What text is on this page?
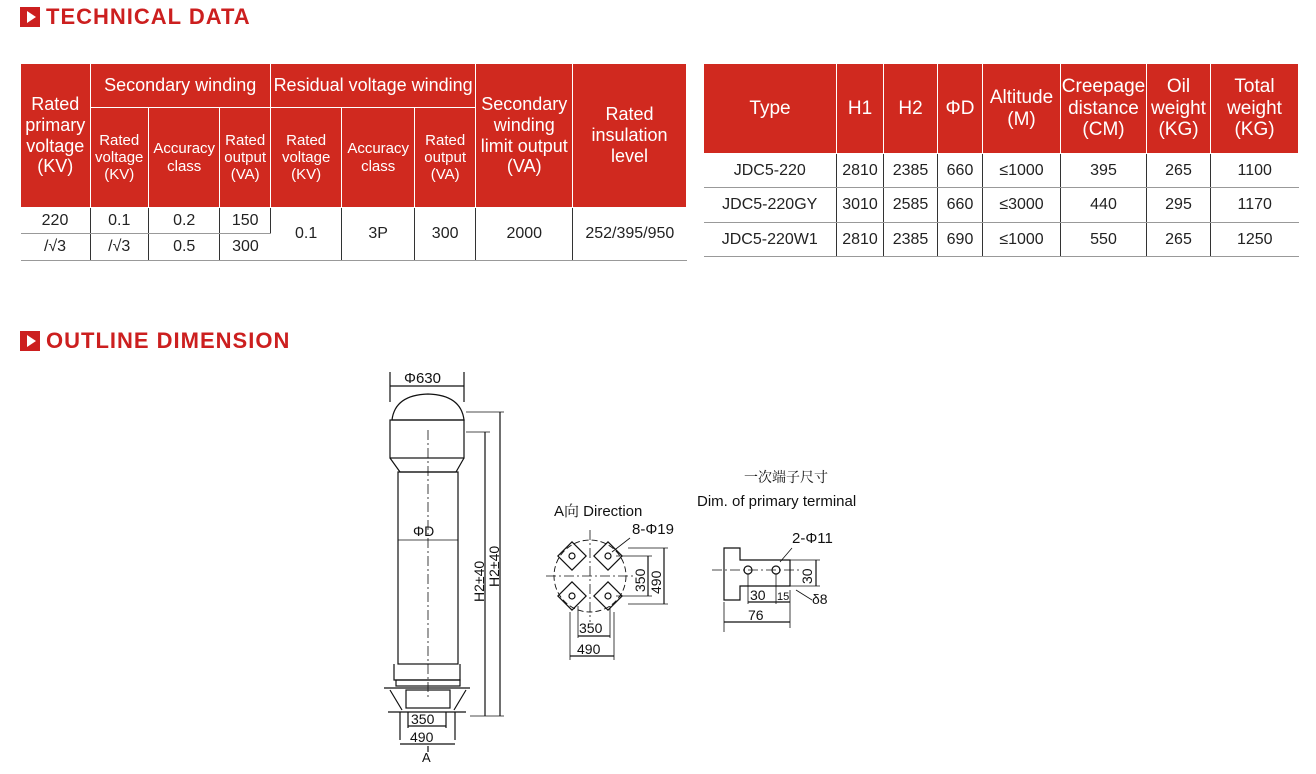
TECHNICAL DATA
Rated primary voltage (KV)	Secondary winding			Residual voltage winding			Secondary winding limit output (VA)	Rated insulation level
	Rated voltage (KV)	Accuracy class	Rated output (VA)	Rated voltage (KV)	Accuracy class	Rated output (VA)		
220	0.1	0.2	150	0.1	3P	300	2000	252/395/950
/√3	/√3	0.5	300					
Type	H1	H2	ΦD	Altitude (M)	Creepage distance (CM)	Oil weight (KG)	Total weight (KG)
JDC5-220	2810	2385	660	≤1000	395	265	1100
JDC5-220GY	3010	2585	660	≤3000	440	295	1170
JDC5-220W1	2810	2385	690	≤1000	550	265	1250
OUTLINE DIMENSION
Φ630
ΦD
350
490
A
H2±40 H2±40
A向 Direction
8-Φ19
350 490
350
490
一次端子尺寸
Dim. of primary terminal
2-Φ11
30
δ8
30 15
76
